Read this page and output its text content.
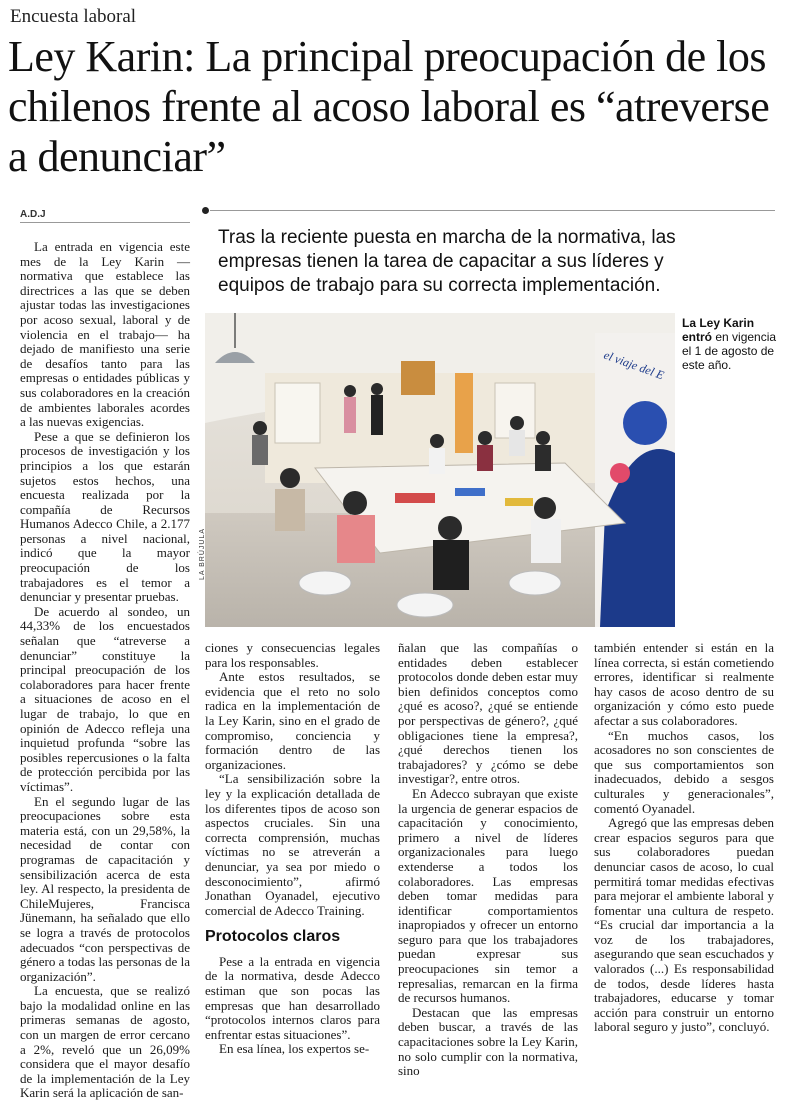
Encuesta laboral
Ley Karin: La principal preocupación de los chilenos frente al acoso laboral es “atreverse a denunciar”
A.D.J

Tras la reciente puesta en marcha de la normativa, las empresas tienen la tarea de capacitar a sus líderes y equipos de trabajo para su correcta implementación.

La entrada en vigencia este mes de la Ley Karin —normativa que establece las directrices a las que se deben ajustar todas las investigaciones por acoso sexual, laboral y de violencia en el trabajo— ha dejado de manifiesto una serie de desafíos tanto para las empresas o entidades públicas y sus colaboradores en la creación de ambientes laborales acordes a las nuevas exigencias.

Pese a que se definieron los procesos de investigación y los principios a los que estarán sujetos estos hechos, una encuesta realizada por la compañía de Recursos Humanos Adecco Chile, a 2.177 personas a nivel nacional, indicó que la mayor preocupación de los trabajadores es el temor a denunciar y presentar pruebas.

De acuerdo al sondeo, un 44,33% de los encuestados señalan que “atreverse a denunciar” constituye la principal preocupación de los colaboradores para hacer frente a situaciones de acoso en el lugar de trabajo, lo que en opinión de Adecco refleja una inquietud profunda “sobre las posibles repercusiones o la falta de protección percibida por las víctimas”.

En el segundo lugar de las preocupaciones sobre esta materia está, con un 29,58%, la necesidad de contar con programas de capacitación y sensibilización acerca de esta ley. Al respecto, la presidenta de ChileMujeres, Francisca Jünemann, ha señalado que ello se logra a través de protocolos adecuados “con perspectivas de género a todas las personas de la organización”.

La encuesta, que se realizó bajo la modalidad online en las primeras semanas de agosto, con un margen de error cercano a 2%, reveló que un 26,09% considera que el mayor desafío de la implementación de la Ley Karin será la aplicación de san-

el viaje del E
LA BRÚJULA
La Ley Karin entró en vigencia el 1 de agosto de este año.

ciones y consecuencias legales para los responsables.

Ante estos resultados, se evidencia que el reto no solo radica en la implementación de la Ley Karin, sino en el grado de compromiso, conciencia y formación dentro de las organizaciones.

“La sensibilización sobre la ley y la explicación detallada de los diferentes tipos de acoso son aspectos cruciales. Sin una correcta comprensión, muchas víctimas no se atreverán a denunciar, ya sea por miedo o desconocimiento”, afirmó Jonathan Oyanadel, ejecutivo comercial de Adecco Training.

Protocolos claros

Pese a la entrada en vigencia de la normativa, desde Adecco estiman que son pocas las empresas que han desarrollado “protocolos internos claros para enfrentar estas situaciones”.

En esa línea, los expertos se-

ñalan que las compañías o entidades deben establecer protocolos donde deben estar muy bien definidos conceptos como ¿qué es acoso?, ¿qué se entiende por perspectivas de género?, ¿qué obligaciones tiene la empresa?, ¿qué derechos tienen los trabajadores? y ¿cómo se debe investigar?, entre otros.

En Adecco subrayan que existe la urgencia de generar espacios de capacitación y conocimiento, primero a nivel de líderes organizacionales para luego extenderse a todos los colaboradores. Las empresas deben tomar medidas para identificar comportamientos inapropiados y ofrecer un entorno seguro para que los trabajadores puedan expresar sus preocupaciones sin temor a represalias, remarcan en la firma de recursos humanos.

Destacan que las empresas deben buscar, a través de las capacitaciones sobre la Ley Karin, no solo cumplir con la normativa, sino

también entender si están en la línea correcta, si están cometiendo errores, identificar si realmente hay casos de acoso dentro de su organización y cómo esto puede afectar a sus colaboradores.

“En muchos casos, los acosadores no son conscientes de que sus comportamientos son inadecuados, debido a sesgos culturales y generacionales”, comentó Oyanadel.

Agregó que las empresas deben crear espacios seguros para que sus colaboradores puedan denunciar casos de acoso, lo cual permitirá tomar medidas efectivas para mejorar el ambiente laboral y fomentar una cultura de respeto. “Es crucial dar importancia a la voz de los trabajadores, asegurando que sean escuchados y valorados (...) Es responsabilidad de todos, desde líderes hasta trabajadores, educarse y tomar acción para construir un entorno laboral seguro y justo”, concluyó.
